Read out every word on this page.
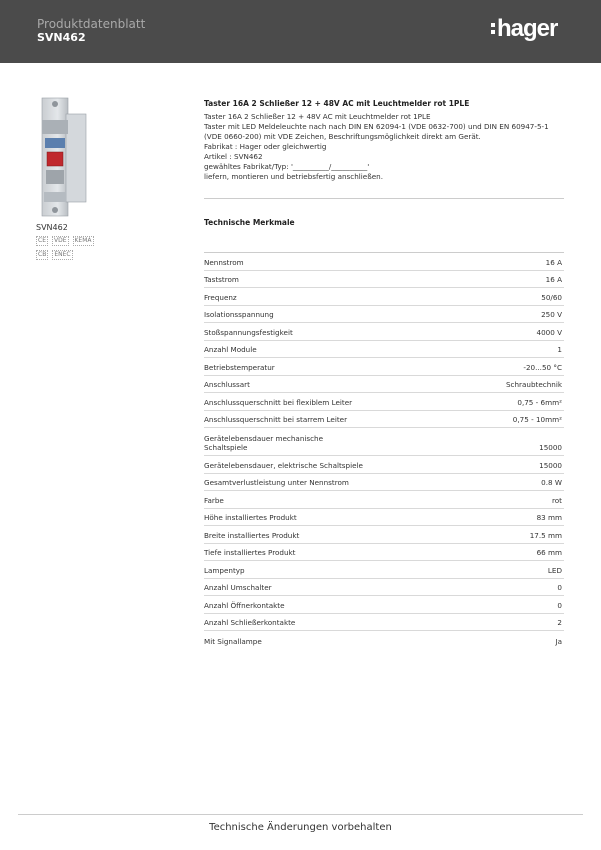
Produktdatenblatt
SVN462	hager
SVN462
CE	VDE	KEMA
CB	ENEC
Taster 16A 2 Schließer 12 + 48V AC mit Leuchtmelder rot 1PLE
Taster 16A 2 Schließer 12 + 48V AC mit Leuchtmelder rot 1PLE
Taster mit LED Meldeleuchte nach nach DIN EN 62094-1 (VDE 0632-700) und DIN EN 60947-5-1
(VDE 0660-200) mit VDE Zeichen, Beschriftungsmöglichkeit direkt am Gerät.
Fabrikat : Hager oder gleichwertig
Artikel : SVN462
gewähltes Fabrikat/Typ: '__________/__________'
liefern, montieren und betriebsfertig anschließen.
Technische Merkmale
Nennstrom	16 A
Taststrom	16 A
Frequenz	50/60
Isolationsspannung	250 V
Stoßspannungsfestigkeit	4000 V
Anzahl Module	1
Betriebstemperatur	-20...50 °C
Anschlussart	Schraubtechnik
Anschlussquerschnitt bei flexiblem Leiter	0,75 - 6mm²
Anschlussquerschnitt bei starrem Leiter	0,75 - 10mm²
Gerätelebensdauer mechanische
Schaltspiele	15000
Gerätelebensdauer, elektrische Schaltspiele	15000
Gesamtverlustleistung unter Nennstrom	0.8 W
Farbe	rot
Höhe installiertes Produkt	83 mm
Breite installiertes Produkt	17.5 mm
Tiefe installiertes Produkt	66 mm
Lampentyp	LED
Anzahl Umschalter	0
Anzahl Öffnerkontakte	0
Anzahl Schließerkontakte	2
Mit Signallampe	Ja
Technische Änderungen vorbehalten
